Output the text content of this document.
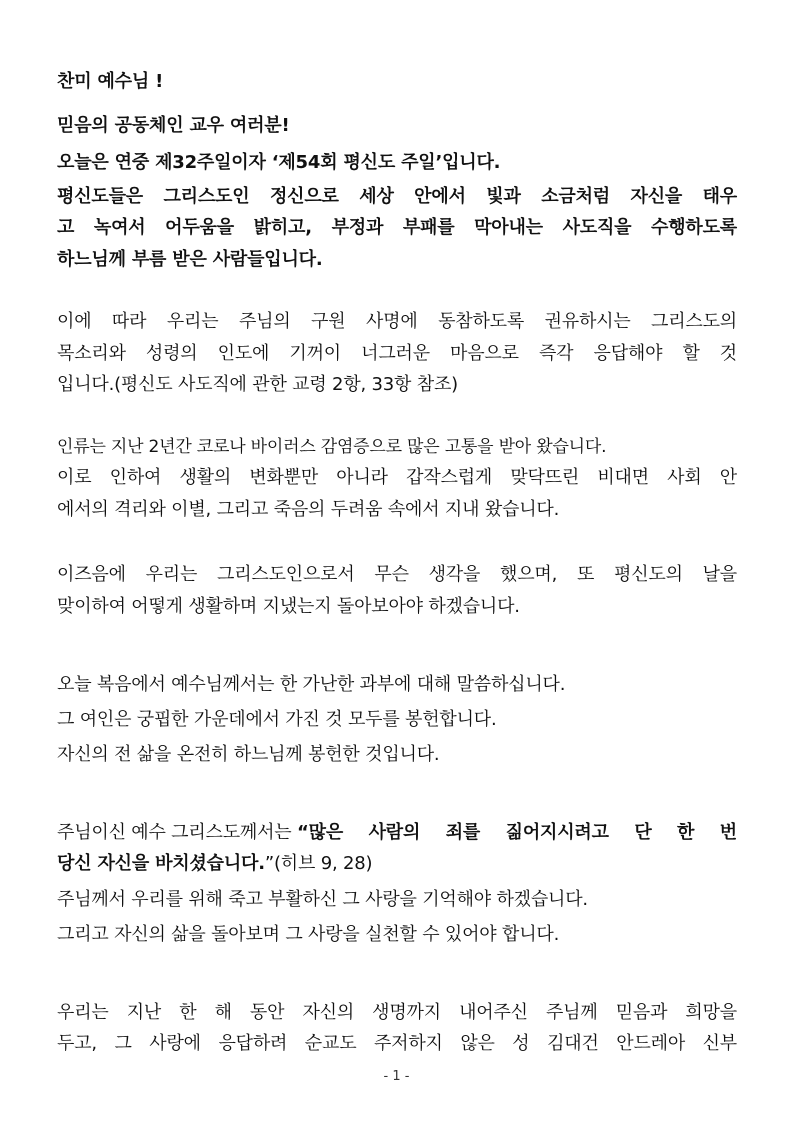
찬미 예수님 !
믿음의 공동체인 교우 여러분!
오늘은 연중 제32주일이자 ‘제54회 평신도 주일’입니다.
평신도들은 그리스도인 정신으로 세상 안에서 빛과 소금처럼 자신을 태우
고 녹여서 어두움을 밝히고, 부정과 부패를 막아내는 사도직을 수행하도록
하느님께 부름 받은 사람들입니다.
이에 따라 우리는 주님의 구원 사명에 동참하도록 권유하시는 그리스도의
목소리와 성령의 인도에 기꺼이 너그러운 마음으로 즉각 응답해야 할 것
입니다.(평신도 사도직에 관한 교령 2항, 33항 참조)
인류는 지난 2년간 코로나 바이러스 감염증으로 많은 고통을 받아 왔습니다.
이로 인하여 생활의 변화뿐만 아니라 갑작스럽게 맞닥뜨린 비대면 사회 안
에서의 격리와 이별, 그리고 죽음의 두려움 속에서 지내 왔습니다.
이즈음에 우리는 그리스도인으로서 무슨 생각을 했으며, 또 평신도의 날을
맞이하여 어떻게 생활하며 지냈는지 돌아보아야 하겠습니다.
오늘 복음에서 예수님께서는 한 가난한 과부에 대해 말씀하십니다.
그 여인은 궁핍한 가운데에서 가진 것 모두를 봉헌합니다.
자신의 전 삶을 온전히 하느님께 봉헌한 것입니다.
주님이신 예수 그리스도께서는 “많은 사람의 죄를 짊어지시려고 단 한 번
당신 자신을 바치셨습니다.”(히브 9, 28)
주님께서 우리를 위해 죽고 부활하신 그 사랑을 기억해야 하겠습니다.
그리고 자신의 삶을 돌아보며 그 사랑을 실천할 수 있어야 합니다.
우리는 지난 한 해 동안 자신의 생명까지 내어주신 주님께 믿음과 희망을
두고, 그 사랑에 응답하려 순교도 주저하지 않은 성 김대건 안드레아 신부
- 1 -
